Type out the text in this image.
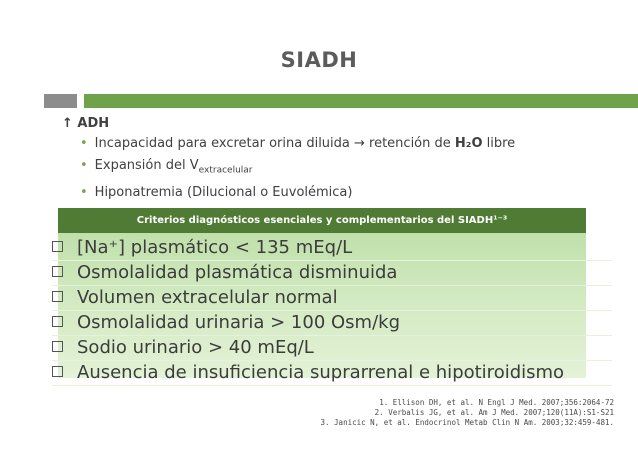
SIADH
↑ ADH
• Incapacidad para excretar orina diluida → retención de H₂O libre
• Expansión del $V_{extracelular}$
• Hiponatremia (Dilucional o Euvolémica)
Criterios diagnósticos esenciales y complementarios del SIADH¹⁻³
[Na⁺] plasmático < 135 mEq/L
Osmolalidad plasmática disminuida
Volumen extracelular normal
Osmolalidad urinaria > 100 Osm/kg
Sodio urinario > 40 mEq/L
Ausencia de insuficiencia suprarrenal e hipotiroidismo
1. Ellison DH, et al. N Engl J Med. 2007;356:2064-72
2. Verbalis JG, et al. Am J Med. 2007;120(11A):S1-S21
3. Janicic N, et al. Endocrinol Metab Clin N Am. 2003;32:459-481.
